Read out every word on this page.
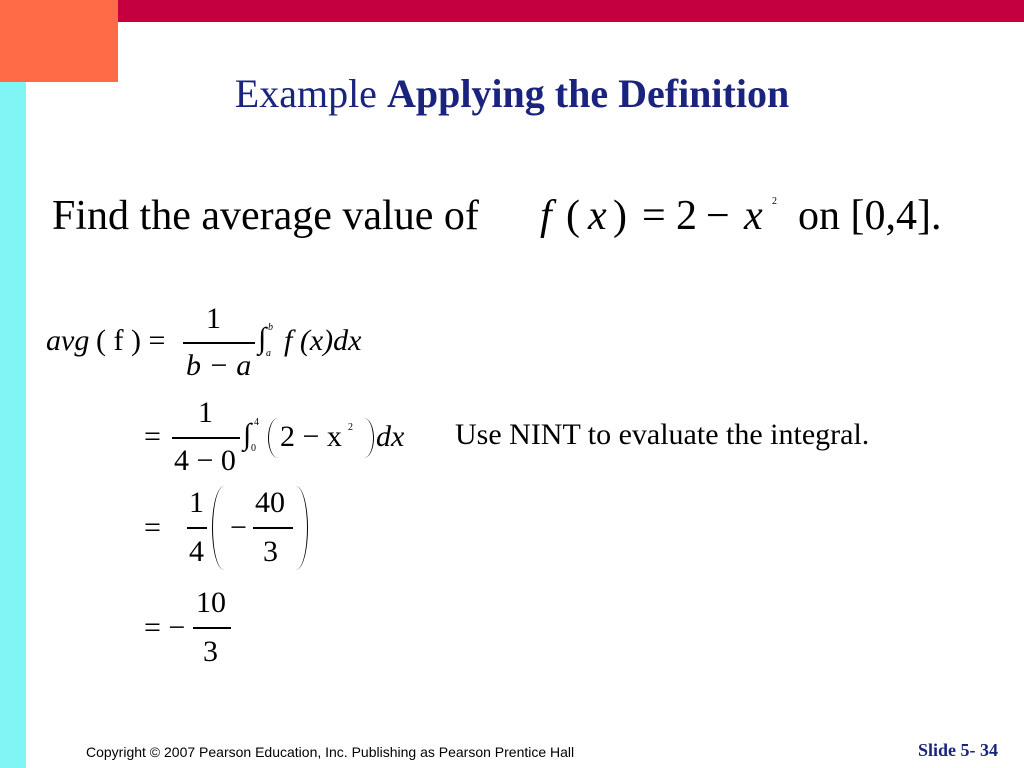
Example Applying the Definition
Find the average value of f ( x ) = 2 − x 2 on [0,4].
avg ( f ) =
1
b − a
∫ b
a f (x)dx
=
1
4 − 0
∫ 4
0 2 − x 2 dx Use NINT to evaluate the integral.
=
1
4
−
40
3
= −
10
3
Copyright © 2007 Pearson Education, Inc. Publishing as Pearson Prentice Hall	Slide 5- 34
